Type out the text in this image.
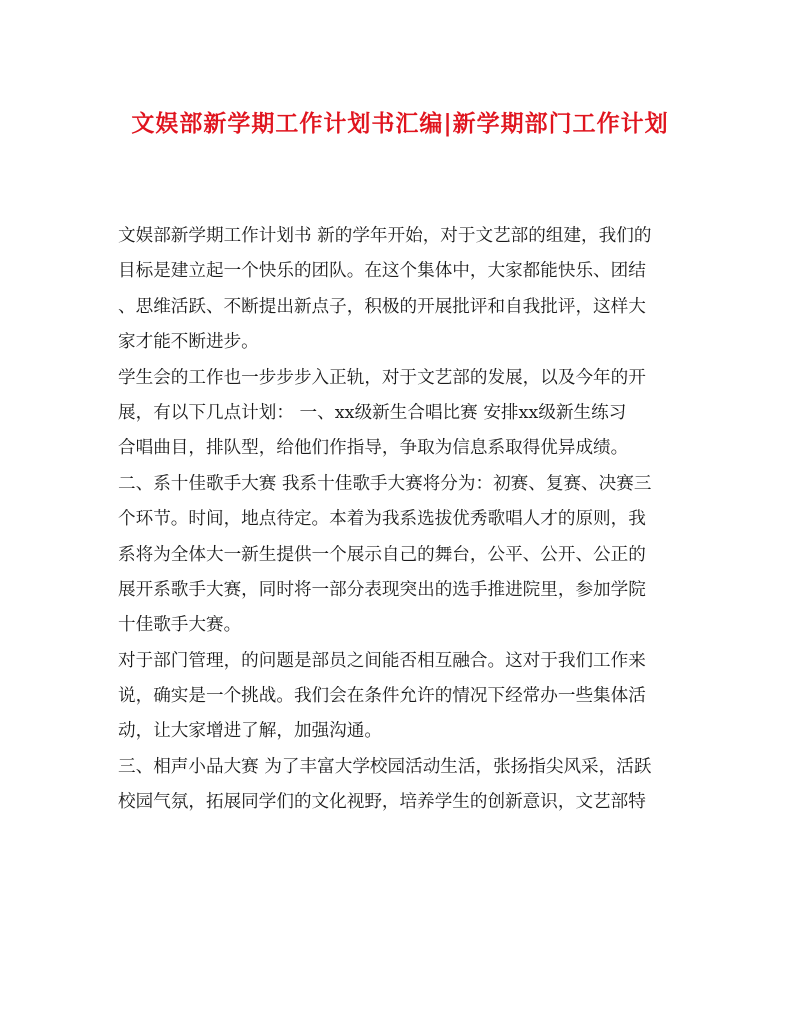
文娱部新学期工作计划书汇编|新学期部门工作计划
文娱部新学期工作计划书 新的学年开始，对于文艺部的组建，我们的
目标是建立起一个快乐的团队。在这个集体中，大家都能快乐、团结
、思维活跃、不断提出新点子，积极的开展批评和自我批评，这样大
家才能不断进步。
学生会的工作也一步步步入正轨，对于文艺部的发展，以及今年的开
展，有以下几点计划： 一、xx级新生合唱比赛 安排xx级新生练习
合唱曲目，排队型，给他们作指导，争取为信息系取得优异成绩。
二、系十佳歌手大赛 我系十佳歌手大赛将分为：初赛、复赛、决赛三
个环节。时间，地点待定。本着为我系选拔优秀歌唱人才的原则，我
系将为全体大一新生提供一个展示自己的舞台，公平、公开、公正的
展开系歌手大赛，同时将一部分表现突出的选手推进院里，参加学院
十佳歌手大赛。
对于部门管理，的问题是部员之间能否相互融合。这对于我们工作来
说，确实是一个挑战。我们会在条件允许的情况下经常办一些集体活
动，让大家增进了解，加强沟通。
三、相声小品大赛 为了丰富大学校园活动生活，张扬指尖风采，活跃
校园气氛，拓展同学们的文化视野，培养学生的创新意识，文艺部特
